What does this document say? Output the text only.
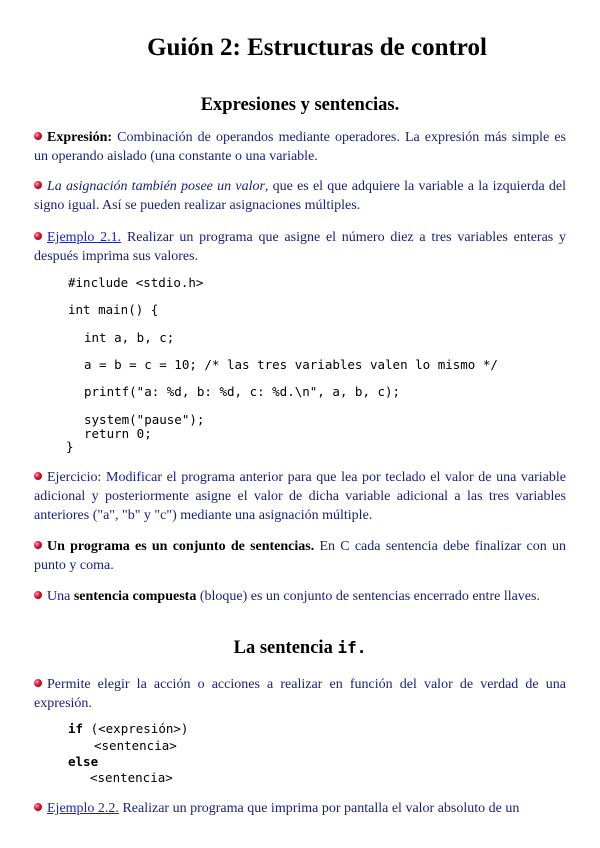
Guión 2: Estructuras de control
Expresiones y sentencias.

Expresión: Combinación de operandos mediante operadores. La expresión más simple es un operando aislado (una constante o una variable.

La asignación también posee un valor, que es el que adquiere la variable a la izquierda del signo igual. Así se pueden realizar asignaciones múltiples.

Ejemplo 2.1. Realizar un programa que asigne el número diez a tres variables enteras y después imprima sus valores.

#include <stdio.h>
int main() {
int a, b, c;
a = b = c = 10; /* las tres variables valen lo mismo */
printf("a: %d, b: %d, c: %d.\n", a, b, c);
system("pause");
return 0;
}

Ejercicio: Modificar el programa anterior para que lea por teclado el valor de una variable adicional y posteriormente asigne el valor de dicha variable adicional a las tres variables anteriores ("a", "b" y "c") mediante una asignación múltiple.

Un programa es un conjunto de sentencias. En C cada sentencia debe finalizar con un punto y coma.

Una sentencia compuesta (bloque) es un conjunto de sentencias encerrado entre llaves.

La sentencia if.

Permite elegir la acción o acciones a realizar en función del valor de verdad de una expresión.

if (<expresión>)
<sentencia>
else
<sentencia>

Ejemplo 2.2. Realizar un programa que imprima por pantalla el valor absoluto de un
